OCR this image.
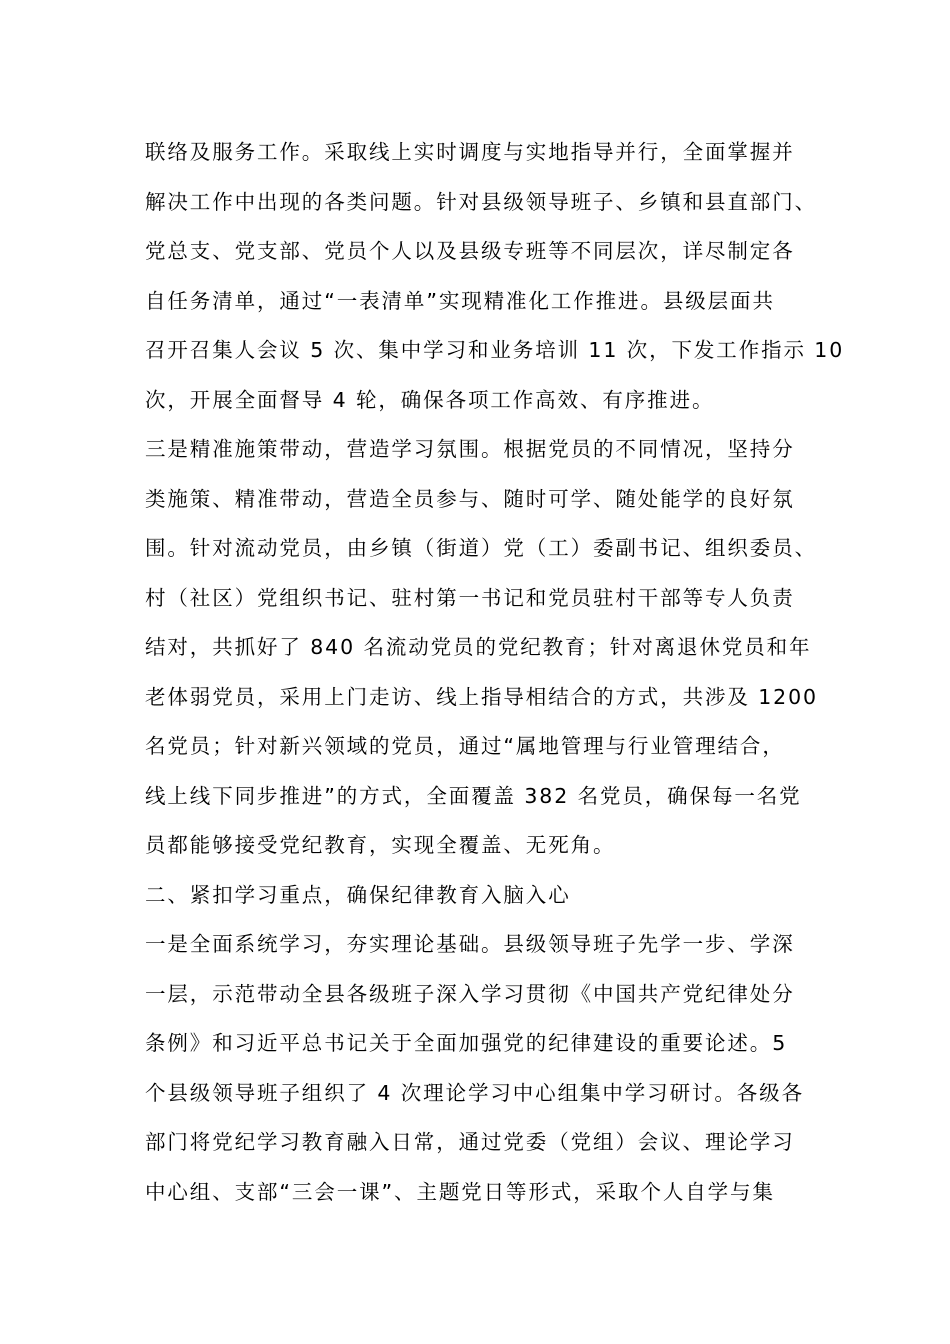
联络及服务工作。采取线上实时调度与实地指导并行，全面掌握并
解决工作中出现的各类问题。针对县级领导班子、乡镇和县直部门、
党总支、党支部、党员个人以及县级专班等不同层次，详尽制定各
自任务清单，通过“一表清单”实现精准化工作推进。县级层面共
召开召集人会议 5 次、集中学习和业务培训 11 次，下发工作指示 10
次，开展全面督导 4 轮，确保各项工作高效、有序推进。
三是精准施策带动，营造学习氛围。根据党员的不同情况，坚持分
类施策、精准带动，营造全员参与、随时可学、随处能学的良好氛
围。针对流动党员，由乡镇（街道）党（工）委副书记、组织委员、
村（社区）党组织书记、驻村第一书记和党员驻村干部等专人负责
结对，共抓好了 840 名流动党员的党纪教育；针对离退休党员和年
老体弱党员，采用上门走访、线上指导相结合的方式，共涉及 1200
名党员；针对新兴领域的党员，通过“属地管理与行业管理结合，
线上线下同步推进”的方式，全面覆盖 382 名党员，确保每一名党
员都能够接受党纪教育，实现全覆盖、无死角。
二、紧扣学习重点，确保纪律教育入脑入心
一是全面系统学习，夯实理论基础。县级领导班子先学一步、学深
一层，示范带动全县各级班子深入学习贯彻《中国共产党纪律处分
条例》和习近平总书记关于全面加强党的纪律建设的重要论述。5
个县级领导班子组织了 4 次理论学习中心组集中学习研讨。各级各
部门将党纪学习教育融入日常，通过党委（党组）会议、理论学习
中心组、支部“三会一课”、主题党日等形式，采取个人自学与集
